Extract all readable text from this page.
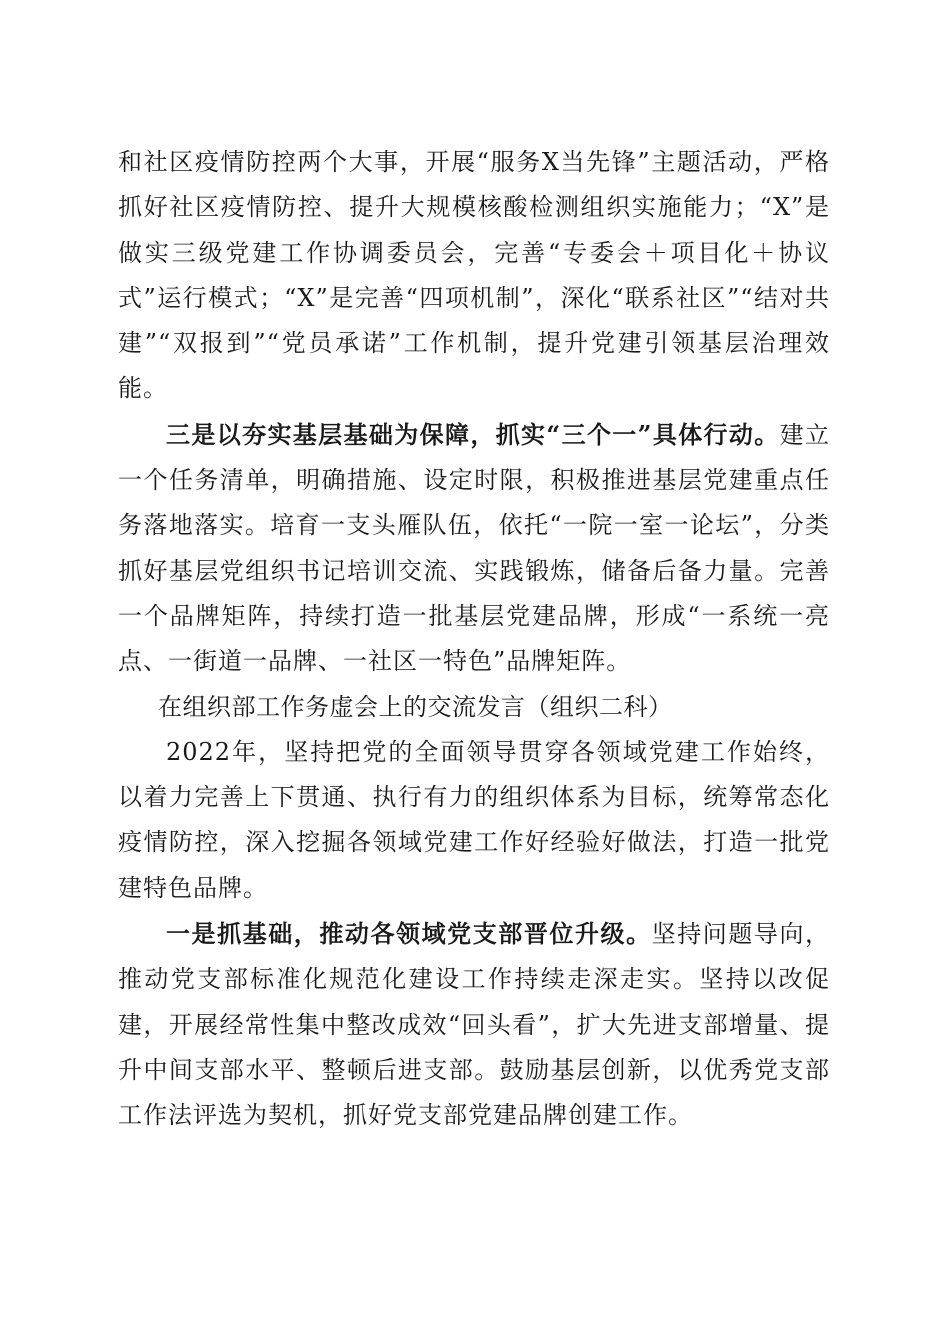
和社区疫情防控两个大事，开展“服务X当先锋”主题活动，严格抓好社区疫情防控、提升大规模核酸检测组织实施能力；“X”是做实三级党建工作协调委员会，完善“专委会＋项目化＋协议式”运行模式；“X”是完善“四项机制”，深化“联系社区”“结对共建”“双报到”“党员承诺”工作机制，提升党建引领基层治理效能。

三是以夯实基层基础为保障，抓实“三个一”具体行动。建立一个任务清单，明确措施、设定时限，积极推进基层党建重点任务落地落实。培育一支头雁队伍，依托“一院一室一论坛”，分类抓好基层党组织书记培训交流、实践锻炼，储备后备力量。完善一个品牌矩阵，持续打造一批基层党建品牌，形成“一系统一亮点、一街道一品牌、一社区一特色”品牌矩阵。

在组织部工作务虚会上的交流发言（组织二科）

2022年，坚持把党的全面领导贯穿各领域党建工作始终，以着力完善上下贯通、执行有力的组织体系为目标，统筹常态化疫情防控，深入挖掘各领域党建工作好经验好做法，打造一批党建特色品牌。

一是抓基础，推动各领域党支部晋位升级。坚持问题导向，推动党支部标准化规范化建设工作持续走深走实。坚持以改促建，开展经常性集中整改成效“回头看”，扩大先进支部增量、提升中间支部水平、整顿后进支部。鼓励基层创新，以优秀党支部工作法评选为契机，抓好党支部党建品牌创建工作。
